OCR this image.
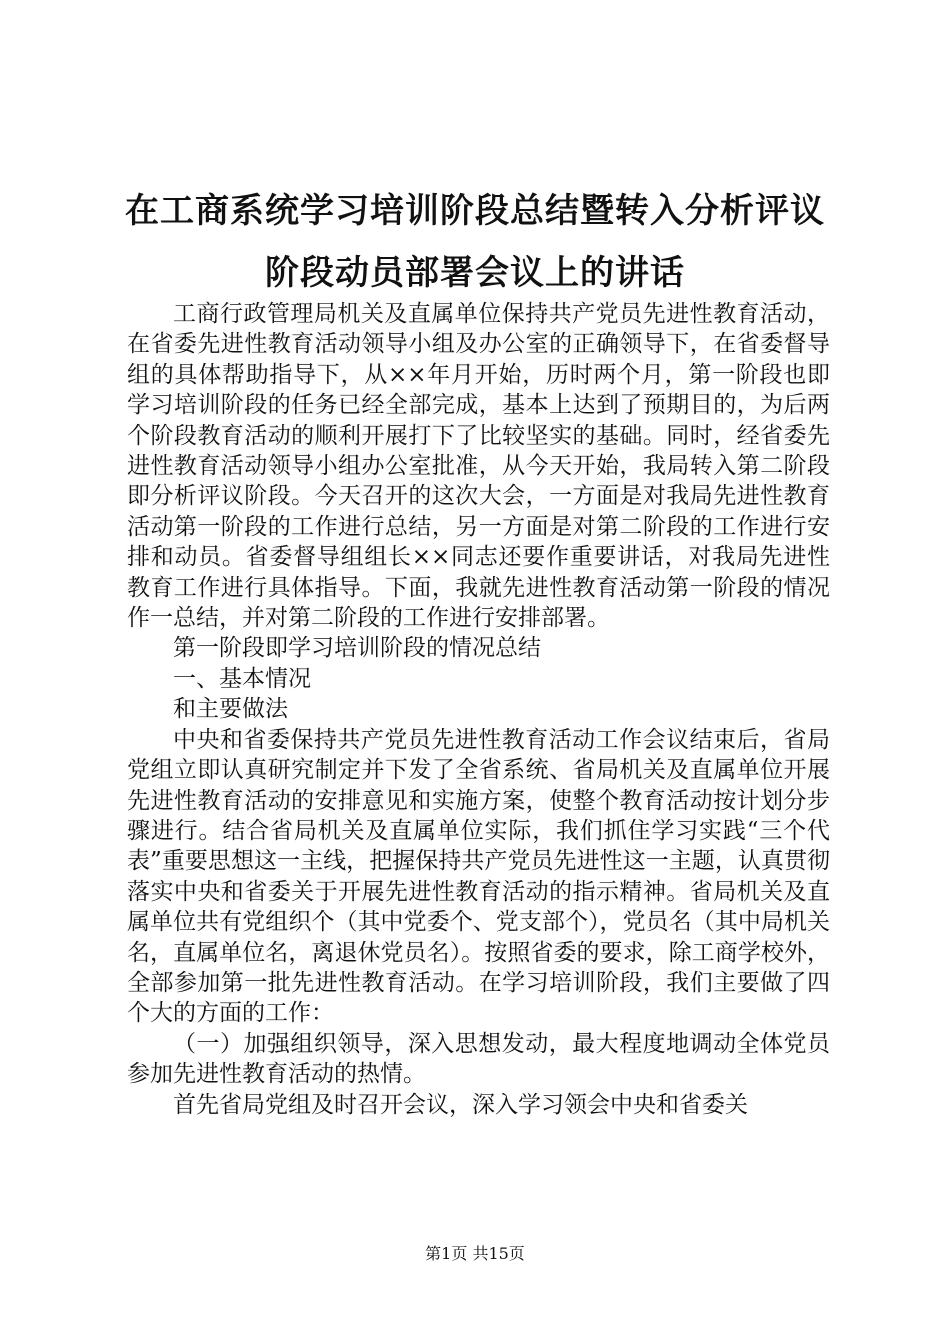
在工商系统学习培训阶段总结暨转入分析评议
阶段动员部署会议上的讲话

工商行政管理局机关及直属单位保持共产党员先进性教育活动，在省委先进性教育活动领导小组及办公室的正确领导下，在省委督导组的具体帮助指导下，从××年月开始，历时两个月，第一阶段也即学习培训阶段的任务已经全部完成，基本上达到了预期目的，为后两个阶段教育活动的顺利开展打下了比较坚实的基础。同时，经省委先进性教育活动领导小组办公室批准，从今天开始，我局转入第二阶段即分析评议阶段。今天召开的这次大会，一方面是对我局先进性教育活动第一阶段的工作进行总结，另一方面是对第二阶段的工作进行安排和动员。省委督导组组长××同志还要作重要讲话，对我局先进性教育工作进行具体指导。下面，我就先进性教育活动第一阶段的情况作一总结，并对第二阶段的工作进行安排部署。

第一阶段即学习培训阶段的情况总结

一、基本情况

和主要做法

中央和省委保持共产党员先进性教育活动工作会议结束后，省局党组立即认真研究制定并下发了全省系统、省局机关及直属单位开展先进性教育活动的安排意见和实施方案，使整个教育活动按计划分步骤进行。结合省局机关及直属单位实际，我们抓住学习实践“三个代表”重要思想这一主线，把握保持共产党员先进性这一主题，认真贯彻落实中央和省委关于开展先进性教育活动的指示精神。省局机关及直属单位共有党组织个（其中党委个、党支部个），党员名（其中局机关名，直属单位名，离退休党员名）。按照省委的要求，除工商学校外，全部参加第一批先进性教育活动。在学习培训阶段，我们主要做了四个大的方面的工作：

（一）加强组织领导，深入思想发动，最大程度地调动全体党员参加先进性教育活动的热情。

首先省局党组及时召开会议，深入学习领会中央和省委关

第1页 共15页
